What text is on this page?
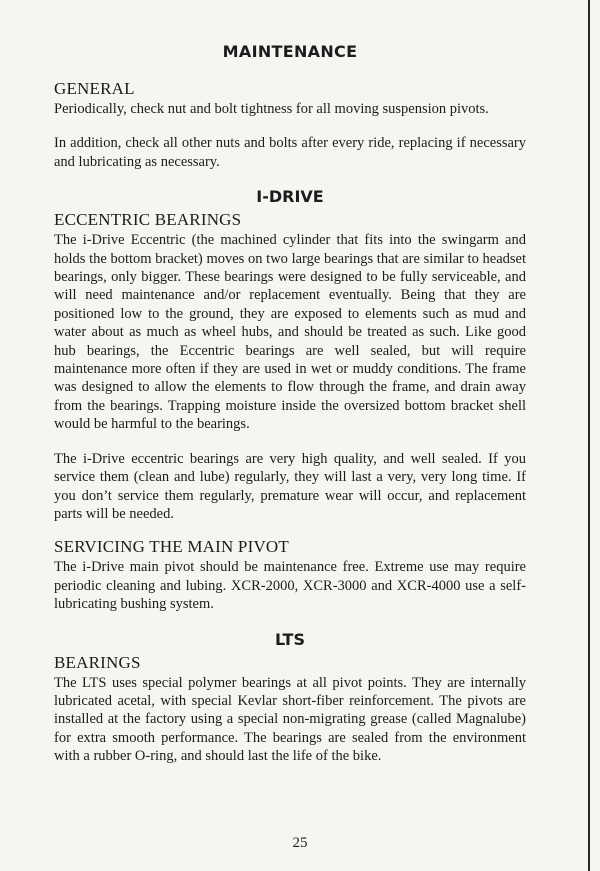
MAINTENANCE
GENERAL

Periodically, check nut and bolt tightness for all moving suspension pivots.

In addition, check all other nuts and bolts after every ride, replacing if necessary and lubricating as necessary.

I-DRIVE
ECCENTRIC BEARINGS

The i-Drive Eccentric (the machined cylinder that fits into the swingarm and holds the bottom bracket) moves on two large bearings that are similar to headset bearings, only bigger. These bearings were designed to be fully serviceable, and will need maintenance and/or replacement eventually. Being that they are positioned low to the ground, they are exposed to elements such as mud and water about as much as wheel hubs, and should be treated as such. Like good hub bearings, the Eccentric bearings are well sealed, but will require maintenance more often if they are used in wet or muddy conditions. The frame was designed to allow the elements to flow through the frame, and drain away from the bearings. Trapping moisture inside the oversized bottom bracket shell would be harmful to the bearings.

The i-Drive eccentric bearings are very high quality, and well sealed. If you service them (clean and lube) regularly, they will last a very, very long time. If you don’t service them regularly, premature wear will occur, and replacement parts will be needed.

SERVICING THE MAIN PIVOT

The i-Drive main pivot should be maintenance free. Extreme use may require periodic cleaning and lubing. XCR-2000, XCR-3000 and XCR-4000 use a self-lubricating bushing system.

LTS
BEARINGS

The LTS uses special polymer bearings at all pivot points. They are internally lubricated acetal, with special Kevlar short-fiber reinforcement. The pivots are installed at the factory using a special non-migrating grease (called Magnalube) for extra smooth performance. The bearings are sealed from the environment with a rubber O-ring, and should last the life of the bike.

25
